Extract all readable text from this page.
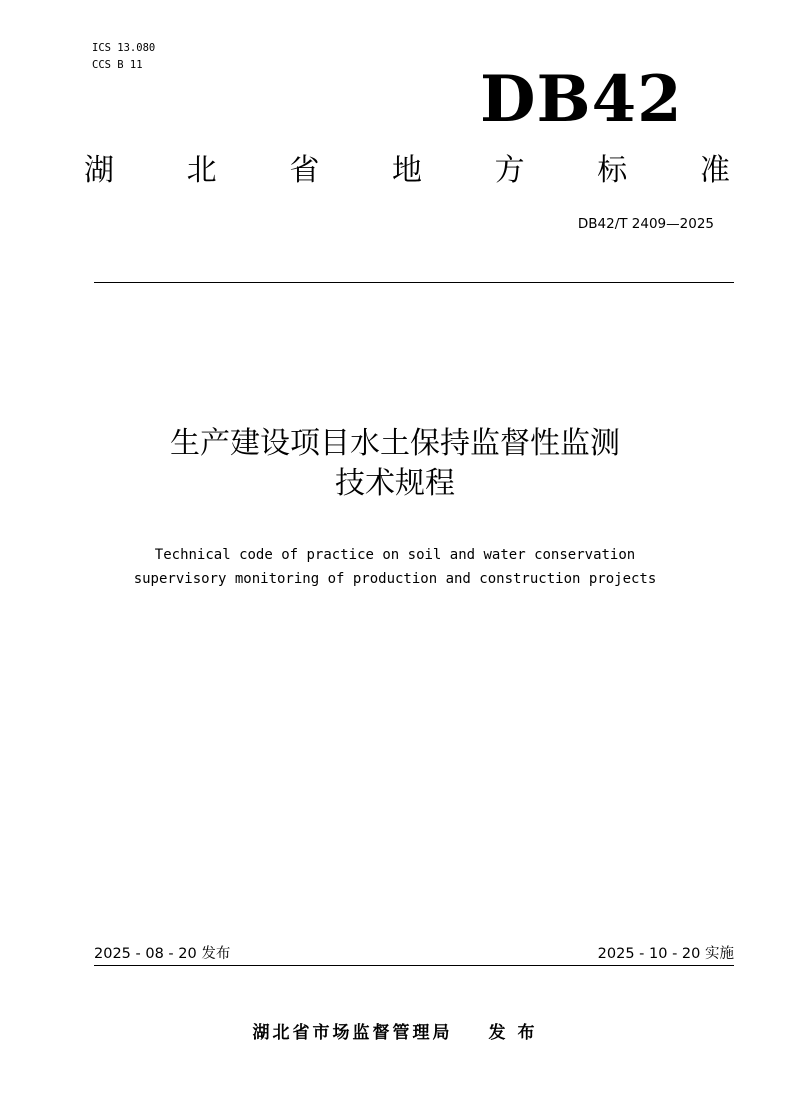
ICS 13.080
CCS B 11	DB42
湖 北 省 地 方 标 准
DB42/T 2409—2025
生产建设项目水土保持监督性监测
技术规程
Technical code of practice on soil and water conservation
supervisory monitoring of production and construction projects
2025 - 08 - 20 发布	2025 - 10 - 20 实施
湖北省市场监督管理局 发 布
